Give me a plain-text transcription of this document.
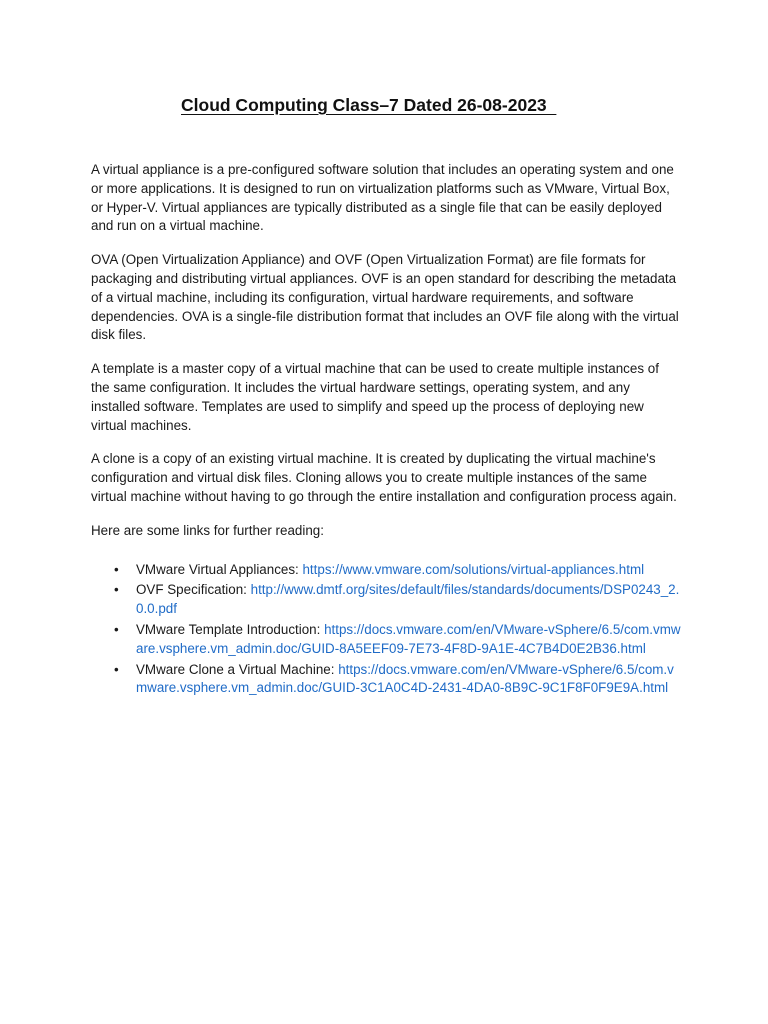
Cloud Computing Class–7 Dated 26-08-2023

A virtual appliance is a pre-configured software solution that includes an operating system and one or more applications. It is designed to run on virtualization platforms such as VMware, Virtual Box, or Hyper-V. Virtual appliances are typically distributed as a single file that can be easily deployed and run on a virtual machine.

OVA (Open Virtualization Appliance) and OVF (Open Virtualization Format) are file formats for packaging and distributing virtual appliances. OVF is an open standard for describing the metadata of a virtual machine, including its configuration, virtual hardware requirements, and software dependencies. OVA is a single-file distribution format that includes an OVF file along with the virtual disk files.

A template is a master copy of a virtual machine that can be used to create multiple instances of the same configuration. It includes the virtual hardware settings, operating system, and any installed software. Templates are used to simplify and speed up the process of deploying new virtual machines.

A clone is a copy of an existing virtual machine. It is created by duplicating the virtual machine's configuration and virtual disk files. Cloning allows you to create multiple instances of the same virtual machine without having to go through the entire installation and configuration process again.

Here are some links for further reading:

• VMware Virtual Appliances: https://www.vmware.com/solutions/virtual-appliances.html
• OVF Specification: http://www.dmtf.org/sites/default/files/standards/documents/DSP0243_2.0.0.pdf
• VMware Template Introduction: https://docs.vmware.com/en/VMware-vSphere/6.5/com.vmware.vsphere.vm_admin.doc/GUID-8A5EEF09-7E73-4F8D-9A1E-4C7B4D0E2B36.html
• VMware Clone a Virtual Machine: https://docs.vmware.com/en/VMware-vSphere/6.5/com.vmware.vsphere.vm_admin.doc/GUID-3C1A0C4D-2431-4DA0-8B9C-9C1F8F0F9E9A.html
